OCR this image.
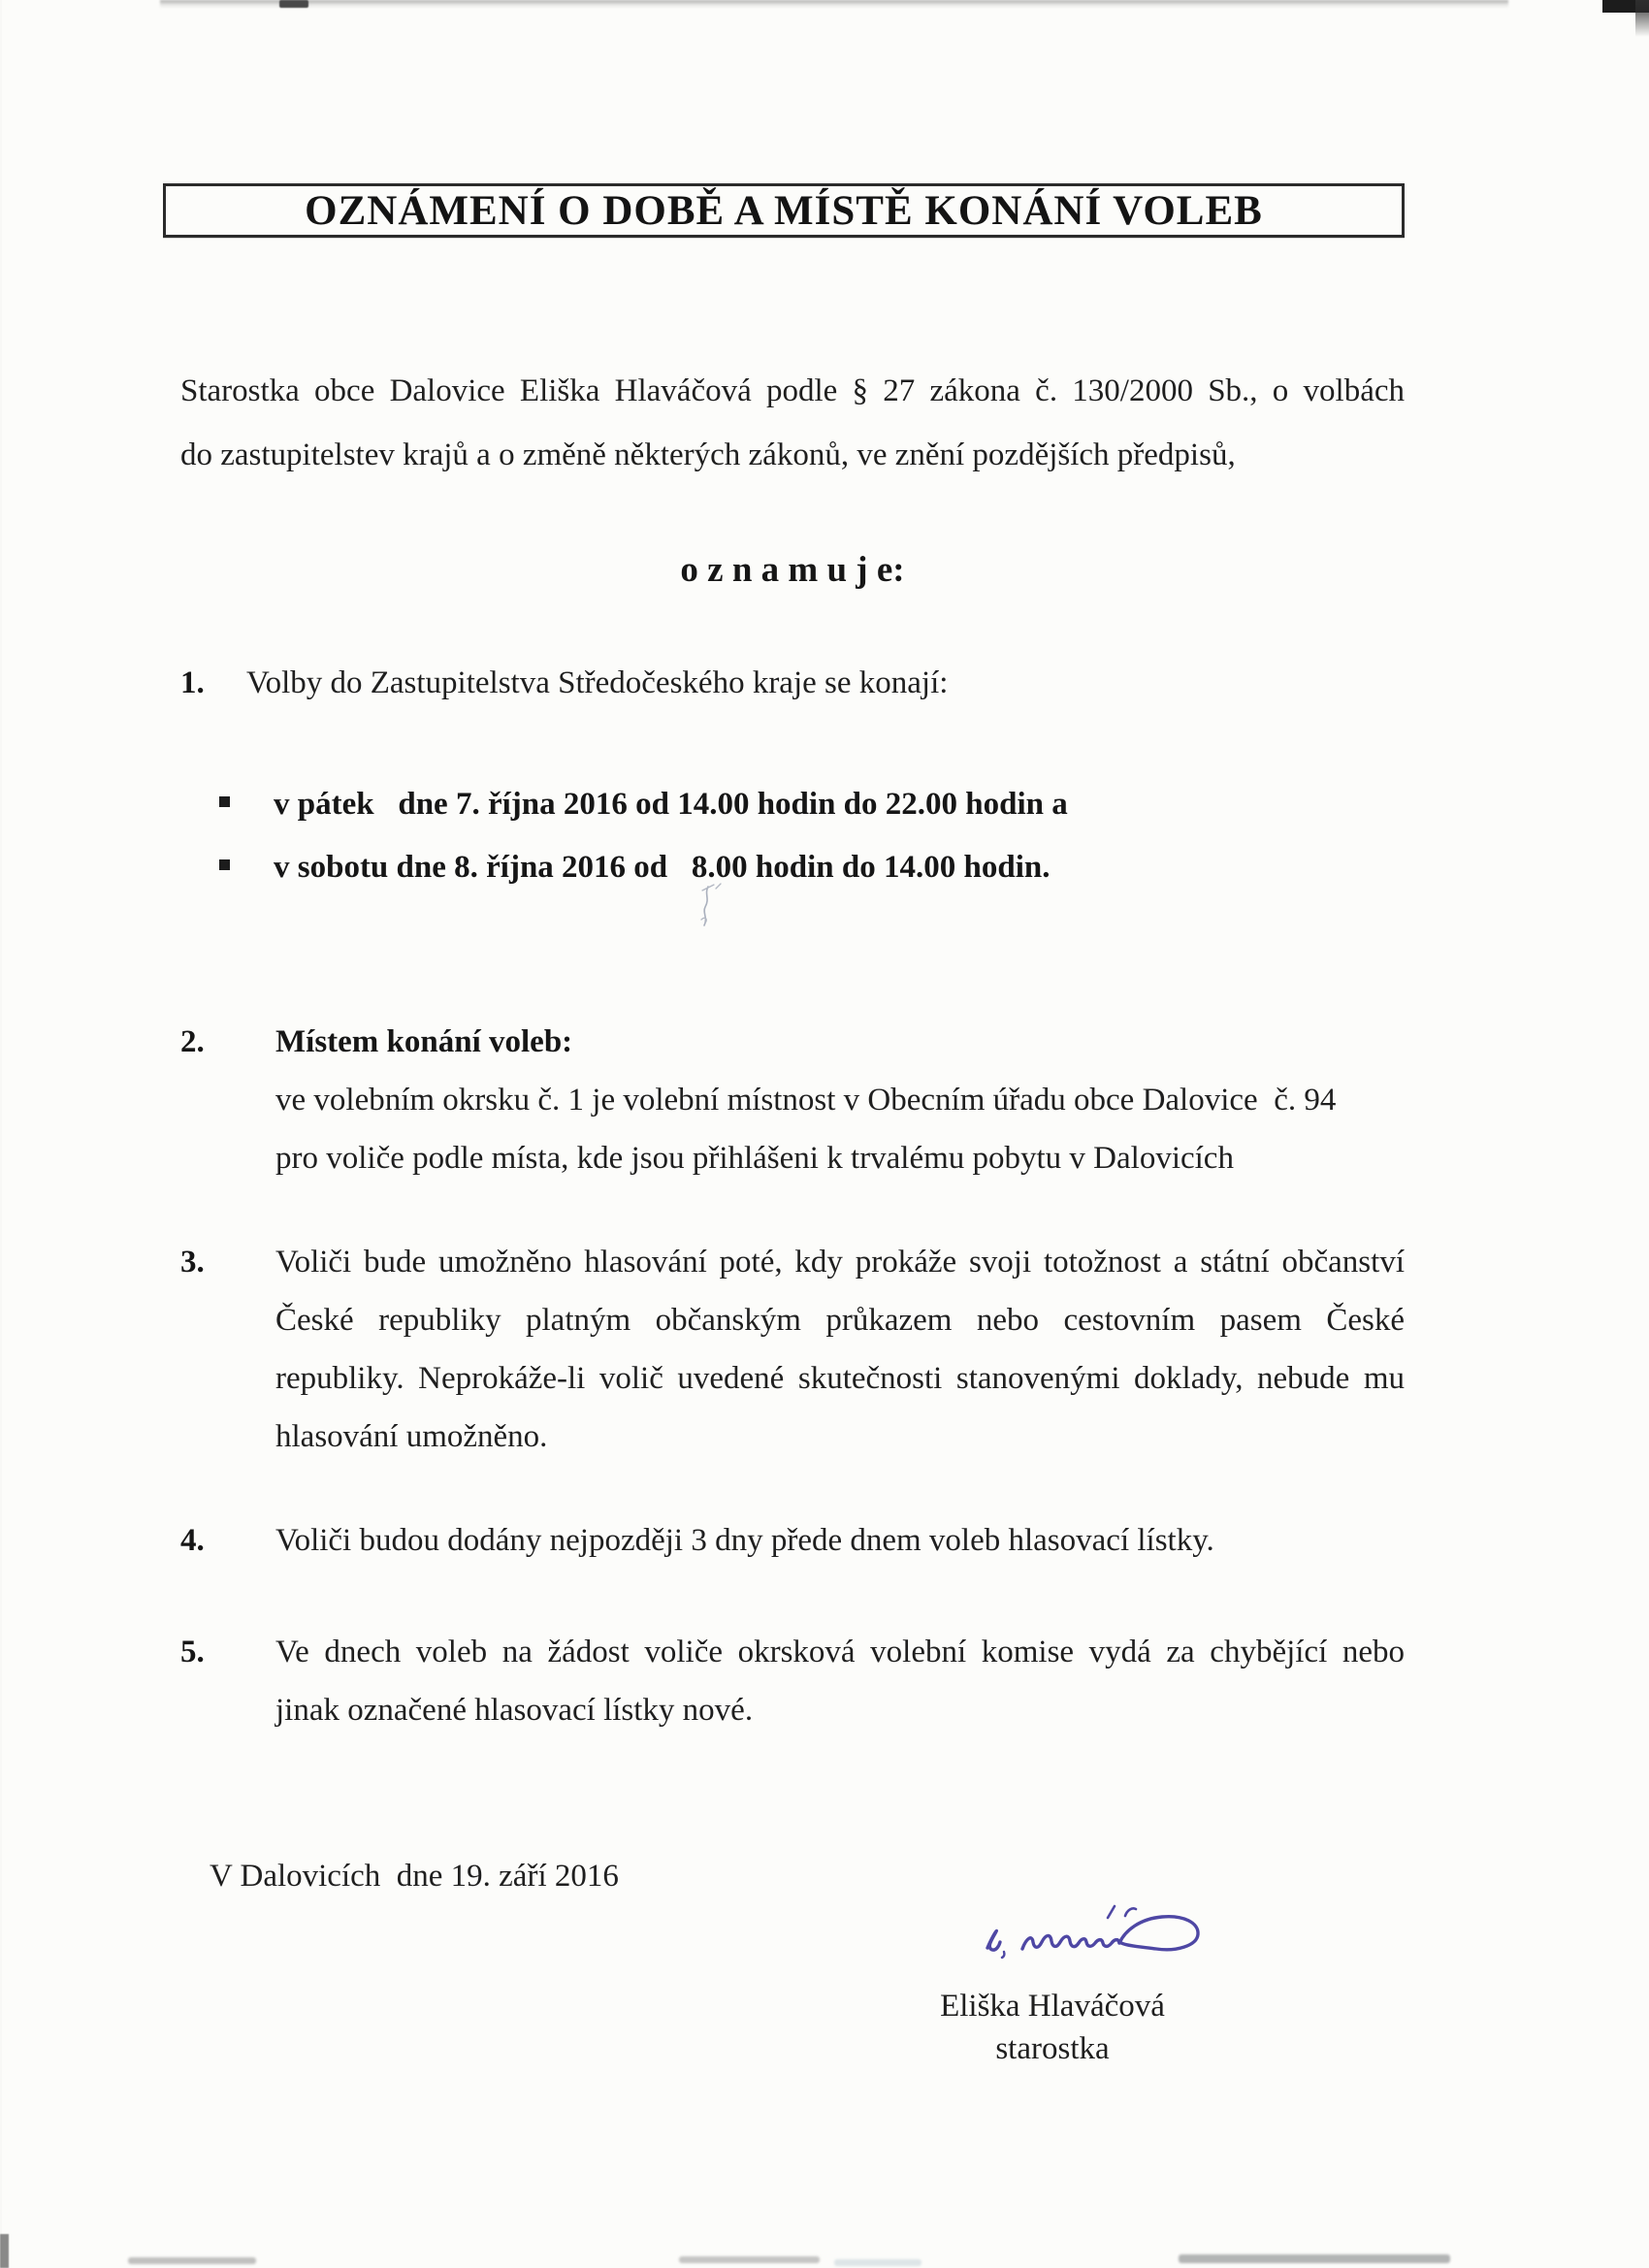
OZNÁMENÍ O DOBĚ A MÍSTĚ KONÁNÍ VOLEB
Starostka obce Dalovice Eliška Hlaváčová podle § 27 zákona č. 130/2000 Sb., o volbách
do zastupitelstev krajů a o změně některých zákonů, ve znění pozdějších předpisů,
o z n a m u j e:
1. Volby do Zastupitelstva Středočeského kraje se konají:
v pátek   dne 7. října 2016 od 14.00 hodin do 22.00 hodin a
v sobotu dne 8. října 2016 od   8.00 hodin do 14.00 hodin.
2. Místem konání voleb:
ve volebním okrsku č. 1 je volební místnost v Obecním úřadu obce Dalovice  č. 94
pro voliče podle místa, kde jsou přihlášeni k trvalému pobytu v Dalovicích
3. Voliči bude umožněno hlasování poté, kdy prokáže svoji totožnost a státní občanství
České republiky platným občanským průkazem nebo cestovním pasem České
republiky. Neprokáže-li volič uvedené skutečnosti stanovenými doklady, nebude mu
hlasování umožněno.
4. Voliči budou dodány nejpozději 3 dny přede dnem voleb hlasovací lístky.
5. Ve dnech voleb na žádost voliče okrsková volební komise vydá za chybějící nebo
jinak označené hlasovací lístky nové.
V Dalovicích  dne 19. září 2016
Eliška Hlaváčová
starostka
